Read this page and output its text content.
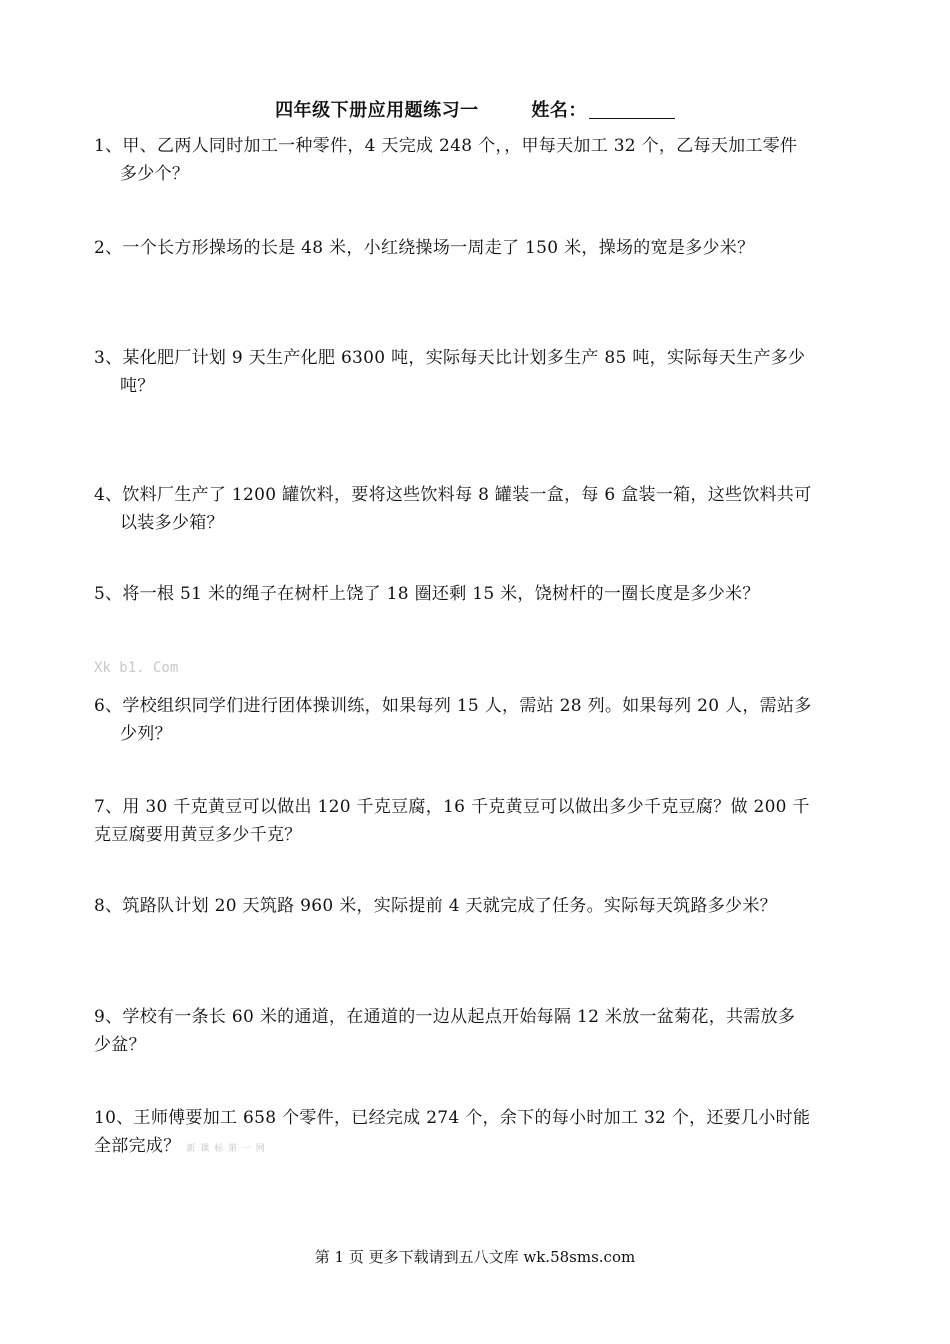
四年级下册应用题练习一	姓名：
1、甲、乙两人同时加工一种零件，4 天完成 248 个，，甲每天加工 32 个，乙每天加工零件
多少个？
2、一个长方形操场的长是 48 米，小红绕操场一周走了 150 米，操场的宽是多少米？
3、某化肥厂计划 9 天生产化肥 6300 吨，实际每天比计划多生产 85 吨，实际每天生产多少
吨？
4、饮料厂生产了 1200 罐饮料，要将这些饮料每 8 罐装一盒，每 6 盒装一箱，这些饮料共可
以装多少箱？
5、将一根 51 米的绳子在树杆上饶了 18 圈还剩 15 米，饶树杆的一圈长度是多少米？
Xk b1. Com
6、学校组织同学们进行团体操训练，如果每列 15 人，需站 28 列。如果每列 20 人，需站多
少列？
7、用 30 千克黄豆可以做出 120 千克豆腐，16 千克黄豆可以做出多少千克豆腐？做 200 千
克豆腐要用黄豆多少千克？
8、筑路队计划 20 天筑路 960 米，实际提前 4 天就完成了任务。实际每天筑路多少米？
9、学校有一条长 60 米的通道，在通道的一边从起点开始每隔 12 米放一盆菊花，共需放多
少盆？
10、王师傅要加工 658 个零件，已经完成 274 个，余下的每小时加工 32 个，还要几小时能
全部完成？ 新 课 标 第 一 网
第 1 页 更多下载请到五八文库 wk.58sms.com
